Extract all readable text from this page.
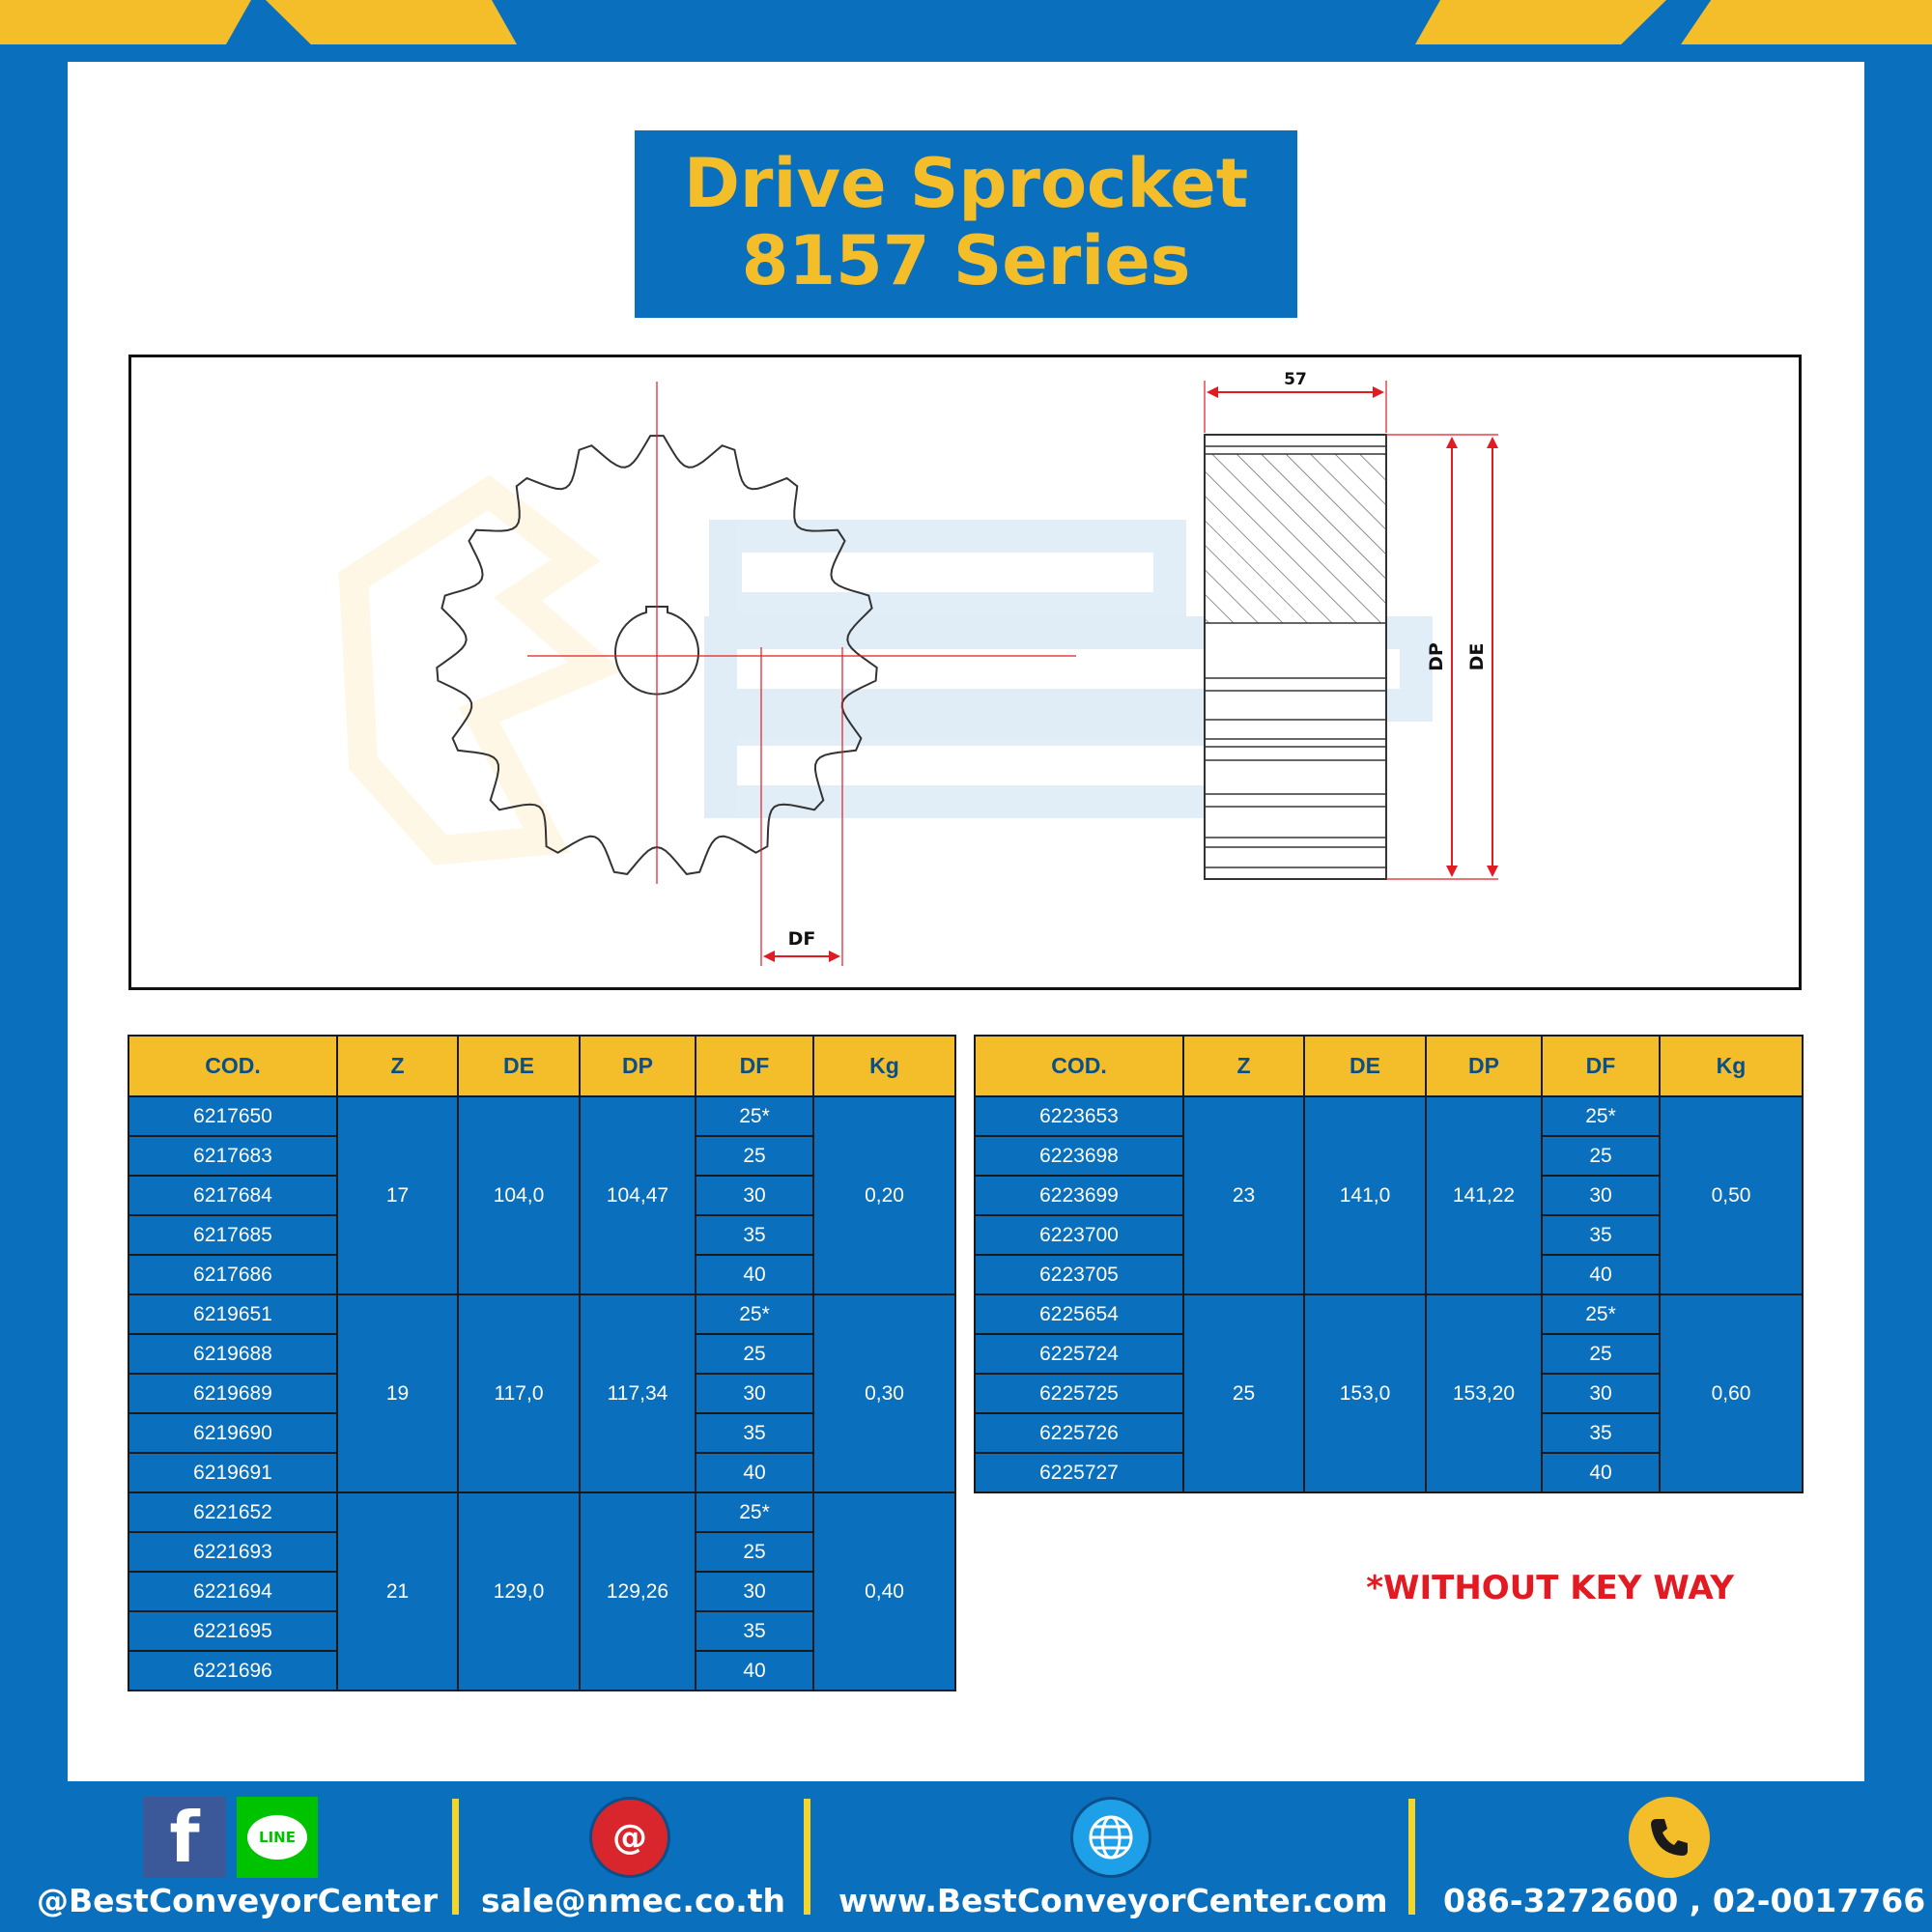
Drive Sprocket
8157 Series
DF
57
DP DE
COD.	Z	DE	DP	DF	Kg
6217650	17	104,0	104,47	25*	0,20
6217683				25	
6217684				30	
6217685				35	
6217686				40	
6219651	19	117,0	117,34	25*	0,30
6219688				25	
6219689				30	
6219690				35	
6219691				40	
6221652	21	129,0	129,26	25*	0,40
6221693				25	
6221694				30	
6221695				35	
6221696				40	
COD.	Z	DE	DP	DF	Kg
6223653	23	141,0	141,22	25*	0,50
6223698				25	
6223699				30	
6223700				35	
6223705				40	
6225654	25	153,0	153,20	25*	0,60
6225724				25	
6225725				30	
6225726				35	
6225727				40	
*WITHOUT KEY WAY
f	LINE
@BestConveyorCenter
@
sale@nmec.co.th www.BestConveyorCenter.com 086-3272600 , 02-0017766
